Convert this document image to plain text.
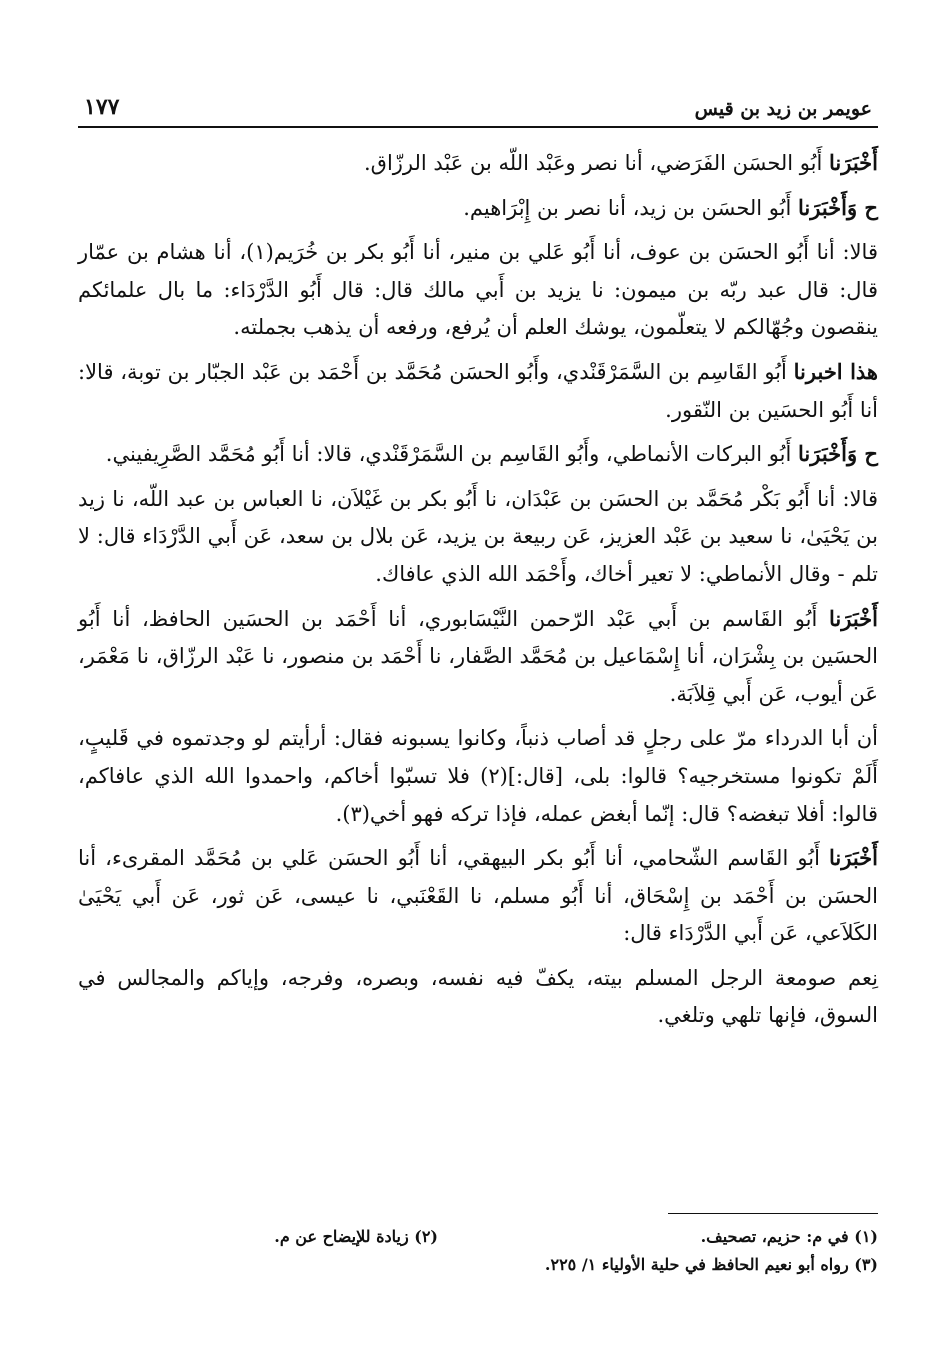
عويمر بن زيد بن قيس
١٧٧

أَخْبَرَنا أَبُو الحسَن الفَرَضي، أنا نصر وعَبْد اللّه بن عَبْد الرزّاق.

ح وَأَخْبَرَنا أَبُو الحسَن بن زيد، أنا نصر بن إِبْرَاهيم.

قالا: أنا أَبُو الحسَن بن عوف، أنا أَبُو عَلي بن منير، أنا أَبُو بكر بن خُرَيم(١)، أنا هشام بن عمّار قال: قال عبد ربّه بن ميمون: نا يزيد بن أَبي مالك قال: قال أَبُو الدَّرْدَاء: ما بال علمائكم ينقصون وجُهّالكم لا يتعلّمون، يوشك العلم أن يُرفع، ورفعه أن يذهب بجملته.

هذا اخبرنا أَبُو القَاسِم بن السَّمَرْقَنْدي، وأَبُو الحسَن مُحَمَّد بن أَحْمَد بن عَبْد الجبّار بن توبة، قالا: أنا أَبُو الحسَين بن النّقور.

ح وَأَخْبَرَنا أَبُو البركات الأنماطي، وأَبُو القَاسِم بن السَّمَرْقَنْدي، قالا: أنا أَبُو مُحَمَّد الصَّرِيفيني.

قالا: أنا أَبُو بَكْر مُحَمَّد بن الحسَن بن عَبْدَان، نا أَبُو بكر بن غَيْلاَن، نا العباس بن عبد اللّه، نا زيد بن يَحْيَىٰ، نا سعيد بن عَبْد العزيز، عَن ربيعة بن يزيد، عَن بلال بن سعد، عَن أَبي الدَّرْدَاء قال: لا تلم - وقال الأنماطي: لا تعير أخاك، وأَحْمَد الله الذي عافاك.

أَخْبَرَنا أَبُو القَاسم بن أَبي عَبْد الرّحمن النَّيْسَابوري، أنا أَحْمَد بن الحسَين الحافظ، أنا أَبُو الحسَين بن بِشْرَان، أنا إِسْمَاعيل بن مُحَمَّد الصَّفار، نا أَحْمَد بن منصور، نا عَبْد الرزّاق، نا مَعْمَر، عَن أيوب، عَن أَبي قِلاَبَة.

أن أبا الدرداء مرّ على رجلٍ قد أصاب ذنباً، وكانوا يسبونه فقال: أرأيتم لو وجدتموه في قَليبٍ، أَلَمْ تكونوا مستخرجيه؟ قالوا: بلى، [قال:](٢) فلا تسبّوا أخاكم، واحمدوا الله الذي عافاكم، قالوا: أفلا تبغضه؟ قال: إنّما أبغض عمله، فإذا تركه فهو أخي(٣).

أَخْبَرَنا أَبُو القَاسم الشّحامي، أنا أَبُو بكر البيهقي، أنا أَبُو الحسَن عَلي بن مُحَمَّد المقرىء، أنا الحسَن بن أَحْمَد بن إِسْحَاق، أنا أَبُو مسلم، نا القَعْنَبي، نا عيسى، عَن ثور، عَن أَبي يَحْيَىٰ الكَلاَعي، عَن أَبي الدَّرْدَاء قال:

نِعم صومعة الرجل المسلم بيته، يكفّ فيه نفسه، وبصره، وفرجه، وإياكم والمجالس في السوق، فإنها تلهي وتلغي.

(١) في م: حزيم، تصحيف.
(٢) زيادة للإيضاح عن م.
(٣) رواه أبو نعيم الحافظ في حلية الأولياء ١/ ٢٢٥.
